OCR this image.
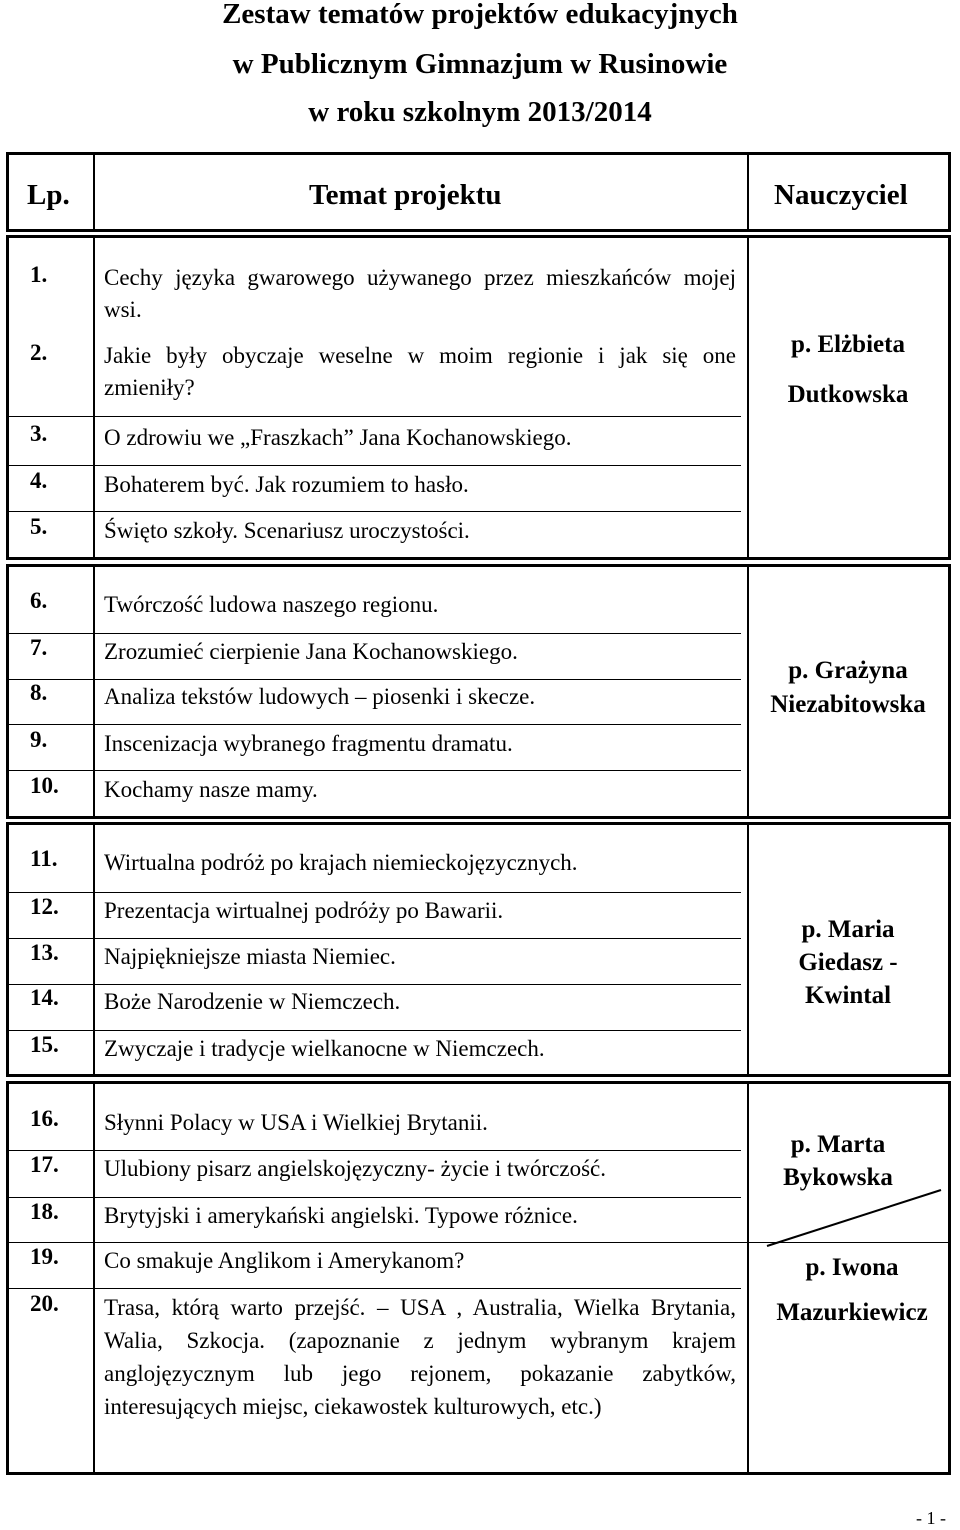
Zestaw tematów projektów edukacyjnych
w Publicznym Gimnazjum w Rusinowie
w roku szkolnym 2013/2014
Lp.	Temat projektu	Nauczyciel
1. Cechy języka gwarowego używanego przez mieszkańców mojej wsi.
2. Jakie były obyczaje weselne w moim regionie i jak się one zmieniły?
3. O zdrowiu we „Fraszkach” Jana Kochanowskiego.
4. Bohaterem być. Jak rozumiem to hasło.
5. Święto szkoły. Scenariusz uroczystości.
p. Elżbieta
Dutkowska
6. Twórczość ludowa naszego regionu.
7. Zrozumieć cierpienie Jana Kochanowskiego.
8. Analiza tekstów ludowych – piosenki i skecze.
9. Inscenizacja wybranego fragmentu dramatu.
10. Kochamy nasze mamy.
p. Grażyna
Niezabitowska
11. Wirtualna podróż po krajach niemieckojęzycznych.
12. Prezentacja wirtualnej podróży po Bawarii.
13. Najpiękniejsze miasta Niemiec.
14. Boże Narodzenie w Niemczech.
15. Zwyczaje i tradycje wielkanocne w Niemczech.
p. Maria
Giedasz -
Kwintal
16. Słynni Polacy w USA i Wielkiej Brytanii.
17. Ulubiony pisarz angielskojęzyczny- życie i twórczość.
18. Brytyjski i amerykański angielski. Typowe różnice.
19. Co smakuje Anglikom i Amerykanom?
20. Trasa, którą warto przejść. – USA , Australia, Wielka Brytania, Walia, Szkocja. (zapoznanie z jednym wybranym krajem anglojęzycznym lub jego rejonem, pokazanie zabytków, interesujących miejsc, ciekawostek kulturowych, etc.)
p. Marta
Bykowska
p. Iwona
Mazurkiewicz
- 1 -
